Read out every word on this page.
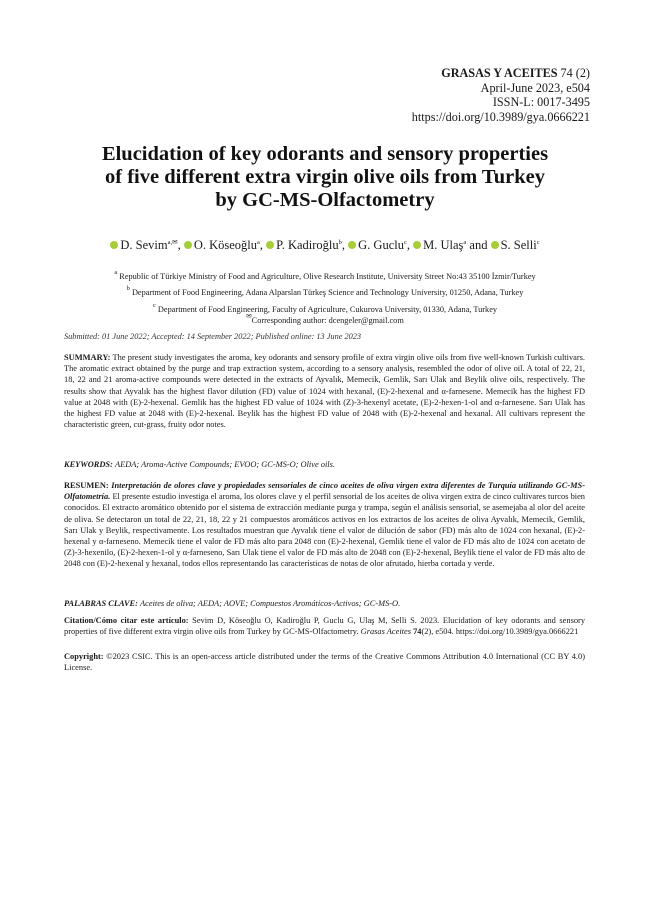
GRASAS Y ACEITES 74 (2)
April-June 2023, e504
ISSN-L: 0017-3495
https://doi.org/10.3989/gya.0666221
Elucidation of key odorants and sensory properties
of five different extra virgin olive oils from Turkey
by GC-MS-Olfactometry
D. Sevim$^{a,✉}$, O. Köseoğlu$^a$, P. Kadiroğlu$^b$, G. Guclu$^c$, M. Ulaş$^a$ and S. Selli$^c$
$^a$ Republic of Türkiye Ministry of Food and Agriculture, Olive Research Institute, University Street No:43 35100 İzmir/Turkey
$^b$ Department of Food Engineering, Adana Alparslan Türkeş Science and Technology University, 01250, Adana, Turkey
$^c$ Department of Food Engineering, Faculty of Agriculture, Cukurova University, 01330, Adana, Turkey
✉Corresponding author: dcengeler@gmail.com
Submitted: 01 June 2022; Accepted: 14 September 2022; Published online: 13 June 2023
SUMMARY: The present study investigates the aroma, key odorants and sensory profile of extra virgin olive oils from five well-known Turkish cultivars. The aromatic extract obtained by the purge and trap extraction system, according to a sensory analysis, resembled the odor of olive oil. A total of 22, 21, 18, 22 and 21 aroma-active compounds were detected in the extracts of Ayvalık, Memecik, Gemlik, Sarı Ulak and Beylik olive oils, respectively. The results show that Ayvalık has the highest flavor dilution (FD) value of 1024 with hexanal, (E)-2-hexenal and α-farnesene. Memecik has the highest FD value at 2048 with (E)-2-hexenal. Gemlik has the highest FD value of 1024 with (Z)-3-hexenyl acetate, (E)-2-hexen-1-ol and α-farnesene. Sarı Ulak has the highest FD value at 2048 with (E)-2-hexenal. Beylik has the highest FD value of 2048 with (E)-2-hexenal and hexanal. All cultivars represent the characteristic green, cut-grass, fruity odor notes.
KEYWORDS: AEDA; Aroma-Active Compounds; EVOO; GC-MS-O; Olive oils.
RESUMEN: Interpretación de olores clave y propiedades sensoriales de cinco aceites de oliva virgen extra diferentes de Turquía utilizando GC-MS-Olfatometría. El presente estudio investiga el aroma, los olores clave y el perfil sensorial de los aceites de oliva virgen extra de cinco cultivares turcos bien conocidos. El extracto aromático obtenido por el sistema de extracción mediante purga y trampa, según el análisis sensorial, se asemejaba al olor del aceite de oliva. Se detectaron un total de 22, 21, 18, 22 y 21 compuestos aromáticos activos en los extractos de los aceites de oliva Ayvalık, Memecik, Gemlik, Sarı Ulak y Beylik, respectivamente. Los resultados muestran que Ayvalık tiene el valor de dilución de sabor (FD) más alto de 1024 con hexanal, (E)-2-hexenal y α-farneseno. Memecik tiene el valor de FD más alto para 2048 con (E)-2-hexenal, Gemlik tiene el valor de FD más alto de 1024 con acetato de (Z)-3-hexenilo, (E)-2-hexen-1-ol y α-farneseno, Sarı Ulak tiene el valor de FD más alto de 2048 con (E)-2-hexenal, Beylik tiene el valor de FD más alto de 2048 con (E)-2-hexenal y hexanal, todos ellos representando las características de notas de olor afrutado, hierba cortada y verde.
PALABRAS CLAVE: Aceites de oliva; AEDA; AOVE; Compuestos Aromáticos-Activos; GC-MS-O.
Citation/Cómo citar este artículo: Sevim D, Köseoğlu O, Kadiroğlu P, Guclu G, Ulaş M, Selli S. 2023. Elucidation of key odorants and sensory properties of five different extra virgin olive oils from Turkey by GC-MS-Olfactometry. Grasas Aceites 74(2), e504. https://doi.org/10.3989/gya.0666221
Copyright: ©2023 CSIC. This is an open-access article distributed under the terms of the Creative Commons Attribution 4.0 International (CC BY 4.0) License.
